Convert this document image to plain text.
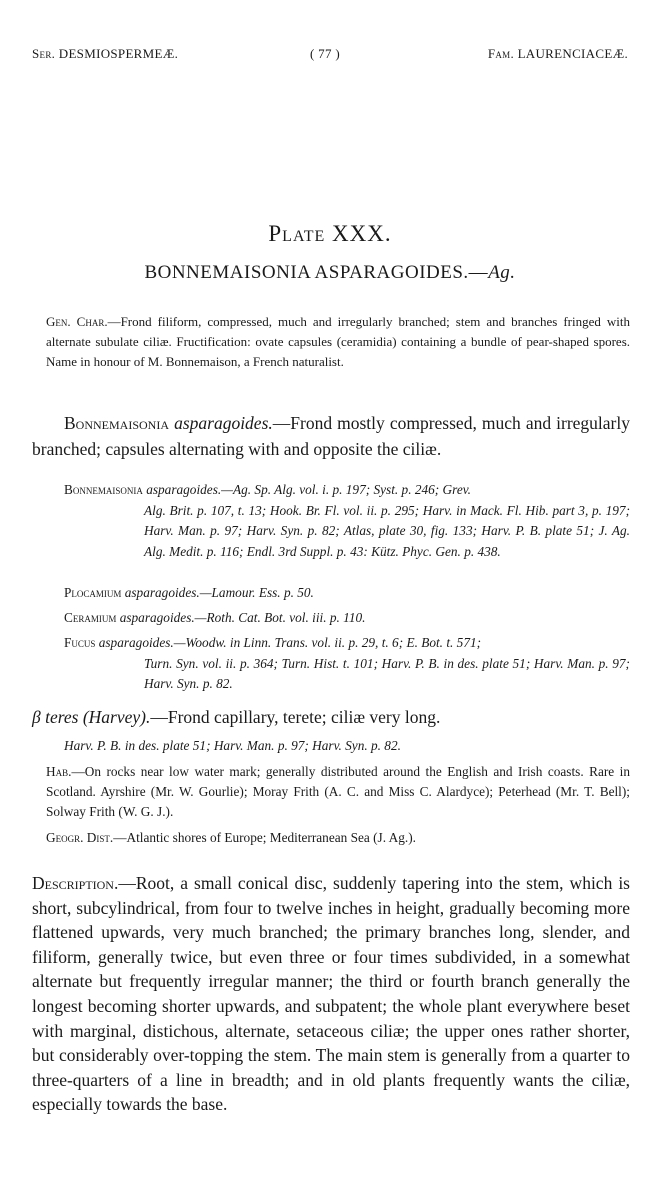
Ser. DESMIOSPERMEÆ.	( 77 )	Fam. LAURENCIACEÆ.
Plate XXX.
BONNEMAISONIA ASPARAGOIDES.—Ag.

Gen. Char.—Frond filiform, compressed, much and irregularly branched; stem and branches fringed with alternate subulate ciliæ. Fructification: ovate capsules (ceramidia) containing a bundle of pear-shaped spores. Name in honour of M. Bonnemaison, a French naturalist.

Bonnemaisonia asparagoides.—Frond mostly compressed, much and irregularly branched; capsules alternating with and opposite the ciliæ.

Bonnemaisonia asparagoides.—Ag. Sp. Alg. vol. i. p. 197; Syst. p. 246; Grev.
Alg. Brit. p. 107, t. 13; Hook. Br. Fl. vol. ii. p. 295; Harv. in Mack. Fl. Hib. part 3, p. 197; Harv. Man. p. 97; Harv. Syn. p. 82; Atlas, plate 30, fig. 133; Harv. P. B. plate 51; J. Ag. Alg. Medit. p. 116; Endl. 3rd Suppl. p. 43: Kütz. Phyc. Gen. p. 438.

Plocamium asparagoides.—Lamour. Ess. p. 50.

Ceramium asparagoides.—Roth. Cat. Bot. vol. iii. p. 110.

Fucus asparagoides.—Woodw. in Linn. Trans. vol. ii. p. 29, t. 6; E. Bot. t. 571;
Turn. Syn. vol. ii. p. 364; Turn. Hist. t. 101; Harv. P. B. in des. plate 51; Harv. Man. p. 97; Harv. Syn. p. 82.

β teres (Harvey).—Frond capillary, terete; ciliæ very long.
Harv. P. B. in des. plate 51; Harv. Man. p. 97; Harv. Syn. p. 82.

Hab.—On rocks near low water mark; generally distributed around the English and Irish coasts. Rare in Scotland. Ayrshire (Mr. W. Gourlie); Moray Frith (A. C. and Miss C. Alardyce); Peterhead (Mr. T. Bell); Solway Frith (W. G. J.).

Geogr. Dist.—Atlantic shores of Europe; Mediterranean Sea (J. Ag.).

Description.—Root, a small conical disc, suddenly tapering into the stem, which is short, subcylindrical, from four to twelve inches in height, gradually becoming more flattened upwards, very much branched; the primary branches long, slender, and filiform, generally twice, but even three or four times subdivided, in a somewhat alternate but frequently irregular manner; the third or fourth branch generally the longest becoming shorter upwards, and subpatent; the whole plant everywhere beset with marginal, distichous, alternate, setaceous ciliæ; the upper ones rather shorter, but considerably over-topping the stem. The main stem is generally from a quarter to three-quarters of a line in breadth; and in old plants frequently wants the ciliæ, especially towards the base.
